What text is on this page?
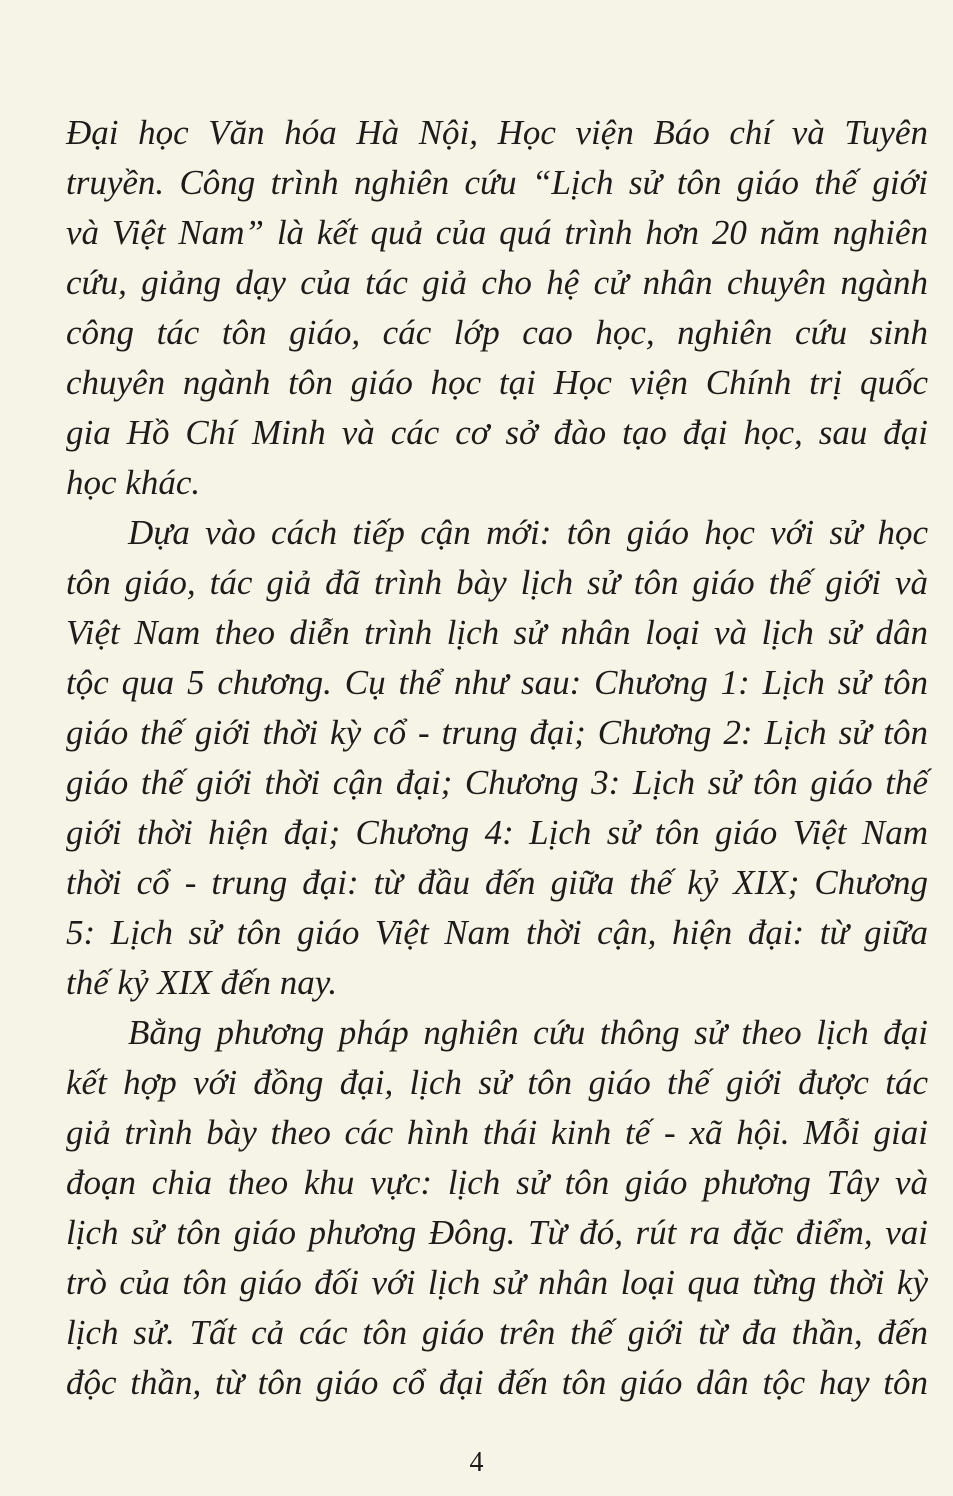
Đại học Văn hóa Hà Nội, Học viện Báo chí và Tuyên
truyền. Công trình nghiên cứu “Lịch sử tôn giáo thế giới
và Việt Nam” là kết quả của quá trình hơn 20 năm nghiên
cứu, giảng dạy của tác giả cho hệ cử nhân chuyên ngành
công tác tôn giáo, các lớp cao học, nghiên cứu sinh
chuyên ngành tôn giáo học tại Học viện Chính trị quốc
gia Hồ Chí Minh và các cơ sở đào tạo đại học, sau đại
học khác.
Dựa vào cách tiếp cận mới: tôn giáo học với sử học
tôn giáo, tác giả đã trình bày lịch sử tôn giáo thế giới và
Việt Nam theo diễn trình lịch sử nhân loại và lịch sử dân
tộc qua 5 chương. Cụ thể như sau: Chương 1: Lịch sử tôn
giáo thế giới thời kỳ cổ - trung đại; Chương 2: Lịch sử tôn
giáo thế giới thời cận đại; Chương 3: Lịch sử tôn giáo thế
giới thời hiện đại; Chương 4: Lịch sử tôn giáo Việt Nam
thời cổ - trung đại: từ đầu đến giữa thế kỷ XIX; Chương
5: Lịch sử tôn giáo Việt Nam thời cận, hiện đại: từ giữa
thế kỷ XIX đến nay.
Bằng phương pháp nghiên cứu thông sử theo lịch đại
kết hợp với đồng đại, lịch sử tôn giáo thế giới được tác
giả trình bày theo các hình thái kinh tế - xã hội. Mỗi giai
đoạn chia theo khu vực: lịch sử tôn giáo phương Tây và
lịch sử tôn giáo phương Đông. Từ đó, rút ra đặc điểm, vai
trò của tôn giáo đối với lịch sử nhân loại qua từng thời kỳ
lịch sử. Tất cả các tôn giáo trên thế giới từ đa thần, đến
độc thần, từ tôn giáo cổ đại đến tôn giáo dân tộc hay tôn
4
